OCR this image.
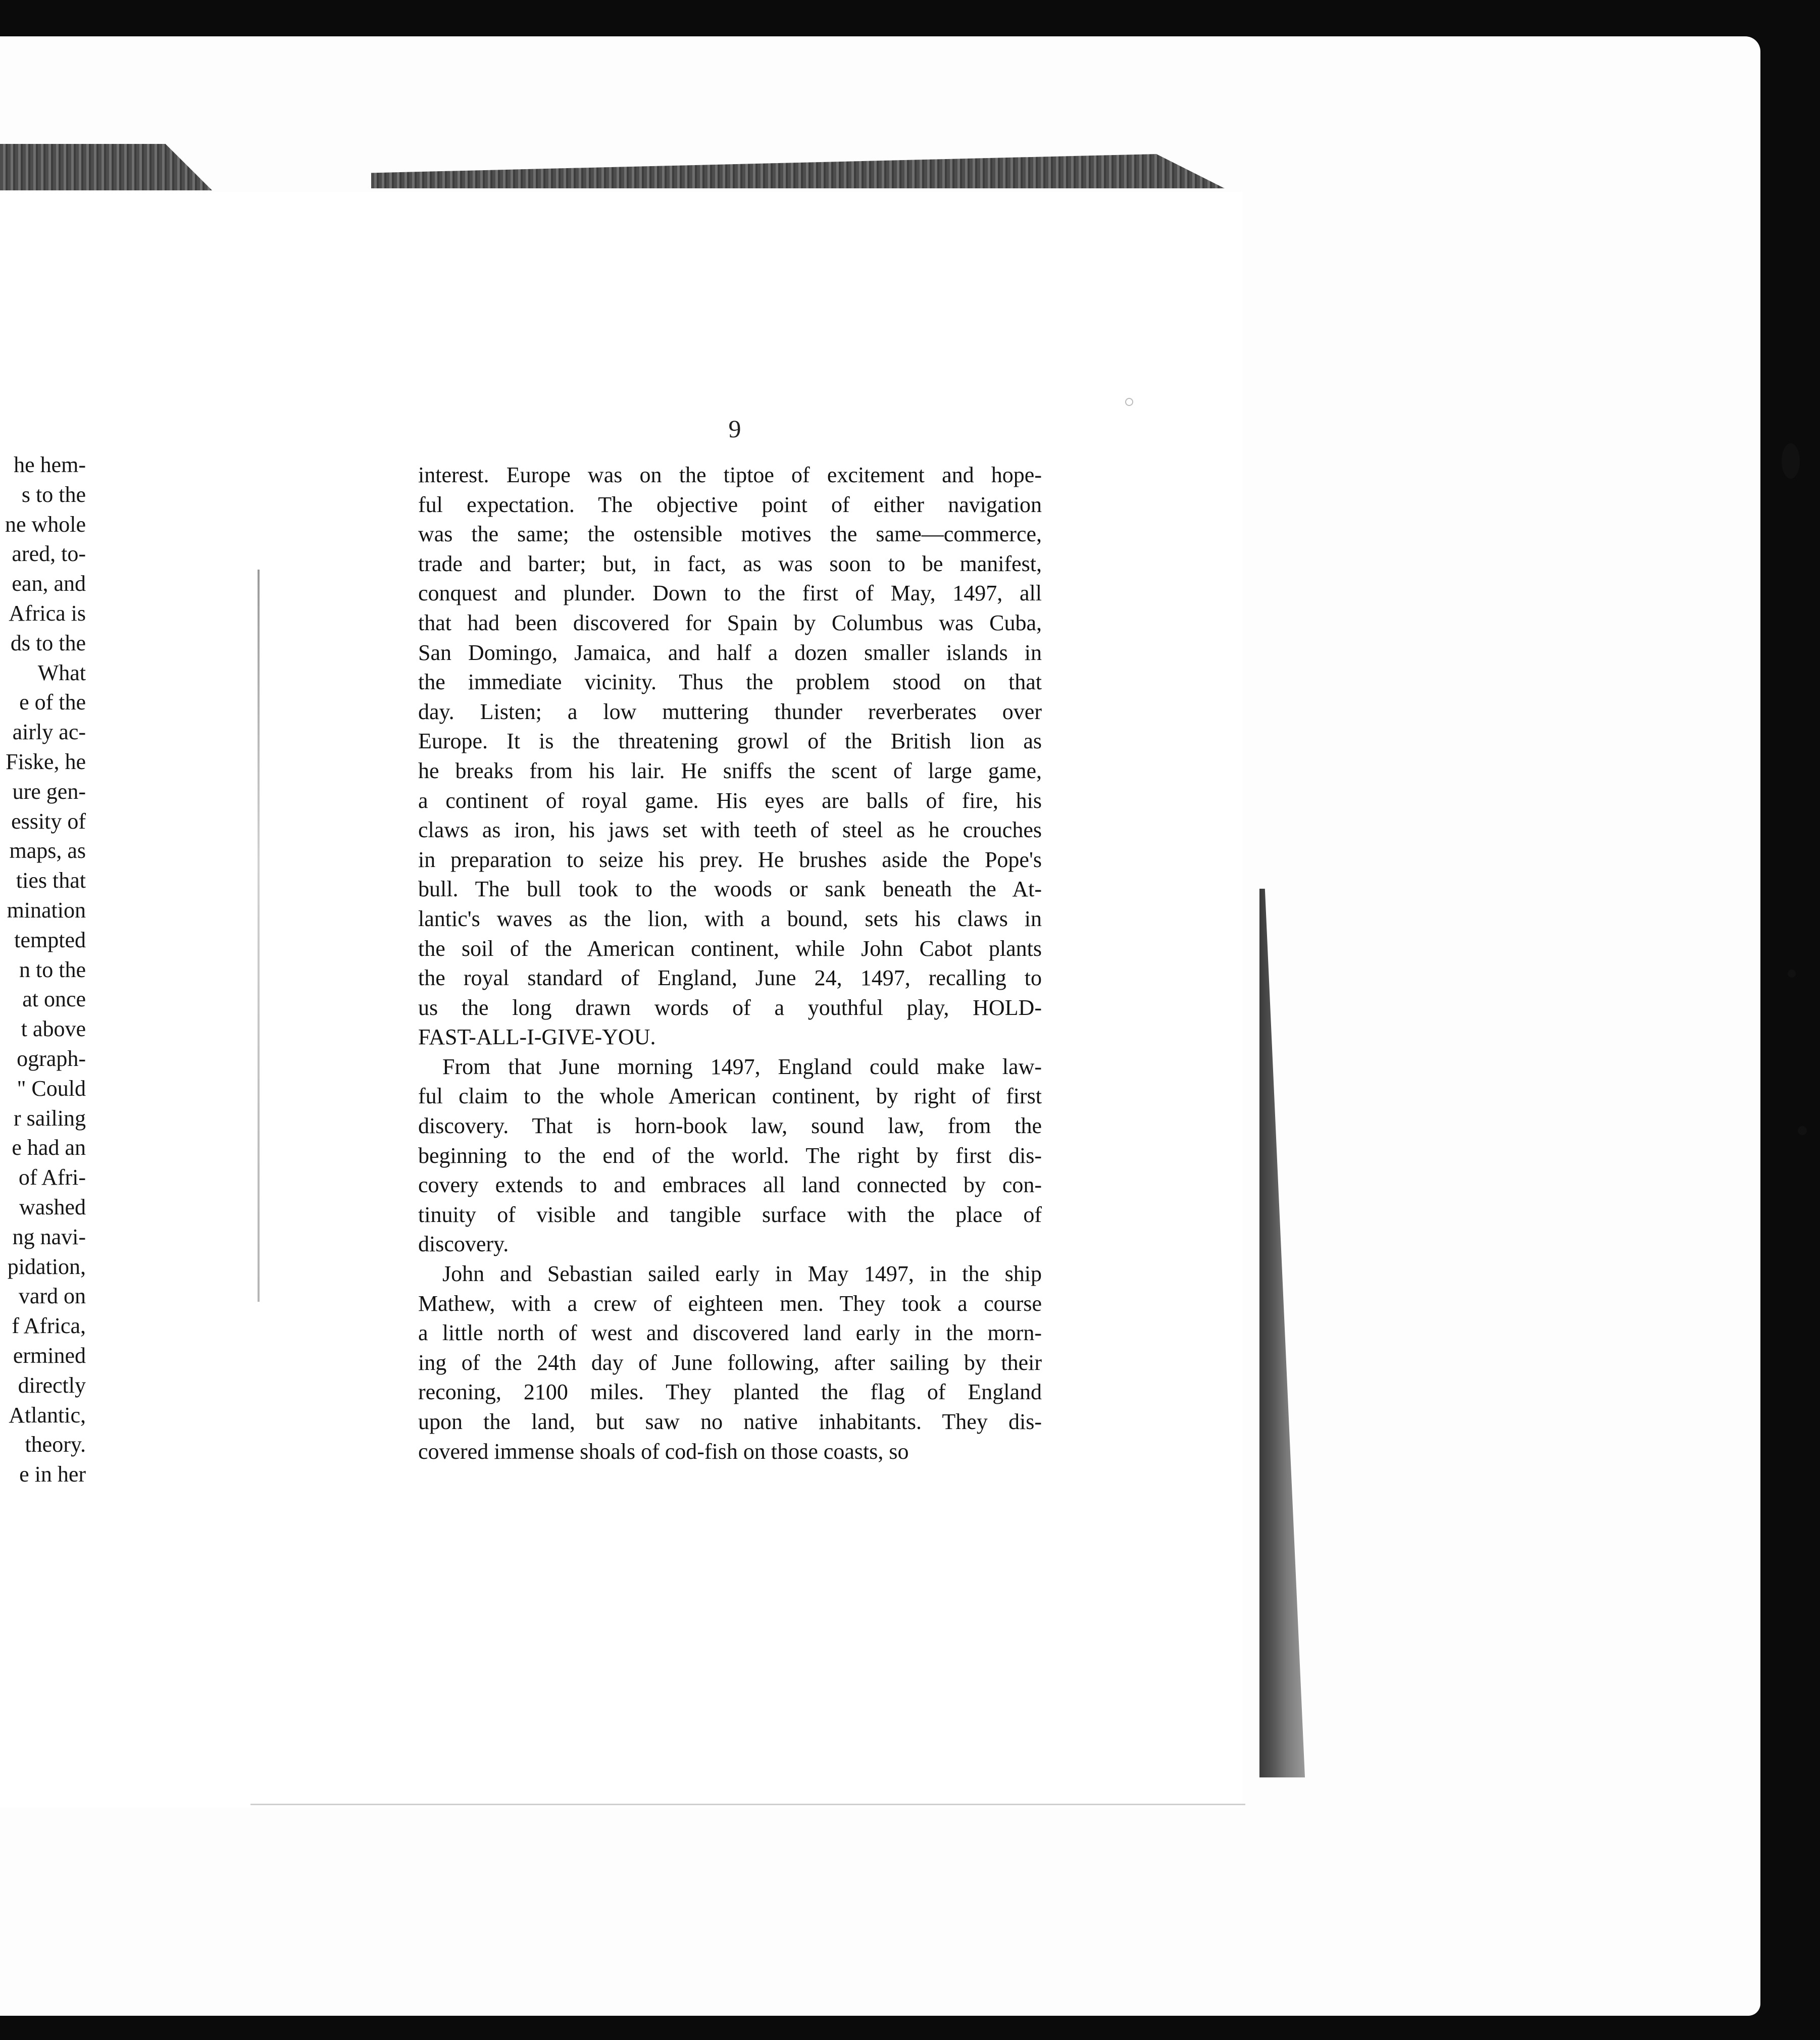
he hem-
s to the
ne whole
ared, to-
ean, and
Africa is
ds to the
What
e of the
airly ac-
Fiske, he
ure gen-
essity of
maps, as
ties that
mination
tempted
n to the
at once
t above
ograph-
" Could
r sailing
e had an
of Afri-
washed
ng navi-
pidation,
vard on
f Africa,
ermined
directly
Atlantic,
theory.
e in her
9
interest. Europe was on the tiptoe of excitement and hope-
ful expectation. The objective point of either navigation
was the same; the ostensible motives the same—commerce,
trade and barter; but, in fact, as was soon to be manifest,
conquest and plunder. Down to the first of May, 1497, all
that had been discovered for Spain by Columbus was Cuba,
San Domingo, Jamaica, and half a dozen smaller islands in
the immediate vicinity. Thus the problem stood on that
day. Listen; a low muttering thunder reverberates over
Europe. It is the threatening growl of the British lion as
he breaks from his lair. He sniffs the scent of large game,
a continent of royal game. His eyes are balls of fire, his
claws as iron, his jaws set with teeth of steel as he crouches
in preparation to seize his prey. He brushes aside the Pope's
bull. The bull took to the woods or sank beneath the At-
lantic's waves as the lion, with a bound, sets his claws in
the soil of the American continent, while John Cabot plants
the royal standard of England, June 24, 1497, recalling to
us the long drawn words of a youthful play, HOLD-
FAST-ALL-I-GIVE-YOU.
From that June morning 1497, England could make law-
ful claim to the whole American continent, by right of first
discovery. That is horn-book law, sound law, from the
beginning to the end of the world. The right by first dis-
covery extends to and embraces all land connected by con-
tinuity of visible and tangible surface with the place of
discovery.
John and Sebastian sailed early in May 1497, in the ship
Mathew, with a crew of eighteen men. They took a course
a little north of west and discovered land early in the morn-
ing of the 24th day of June following, after sailing by their
reconing, 2100 miles. They planted the flag of England
upon the land, but saw no native inhabitants. They dis-
covered immense shoals of cod-fish on those coasts, so
